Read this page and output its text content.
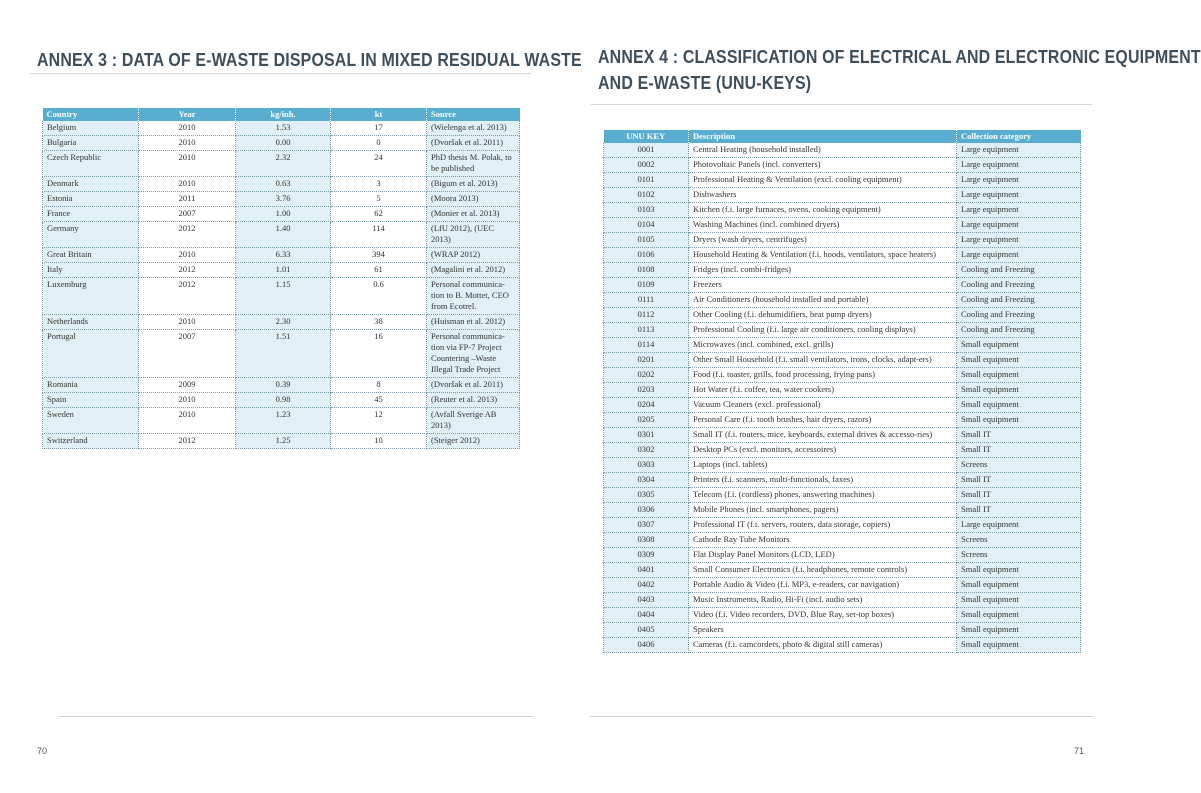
ANNEX 3 : DATA OF E-WASTE DISPOSAL IN MIXED RESIDUAL WASTE
Country	Year	kg/inh.	kt	Source
Belgium	2010	1.53	17	(Wielenga et al. 2013)
Bulgaria	2010	0.00	0	(Dvoršak et al. 2011)
Czech Republic	2010	2.32	24	PhD thesis M. Polak, to be published
Denmark	2010	0.63	3	(Bigum et al. 2013)
Estonia	2011	3.76	5	(Moora 2013)
France	2007	1.00	62	(Monier et al. 2013)
Germany	2012	1.40	114	(LfU 2012), (UEC 2013)
Great Britain	2010	6.33	394	(WRAP 2012)
Italy	2012	1.01	61	(Magalini et al. 2012)
Luxemburg	2012	1.15	0.6	Personal communica-tion to B. Mottet, CEO from Ecotrel.
Netherlands	2010	2.30	38	(Huisman et al. 2012)
Portugal	2007	1.51	16	Personal communica-tion via FP-7 Project Countering –Waste Illegal Trade Project
Romania	2009	0.39	8	(Dvoršak et al. 2011)
Spain	2010	0.98	45	(Reuter et al. 2013)
Sweden	2010	1.23	12	(Avfall Sverige AB 2013)
Switzerland	2012	1.25	10	(Steiger 2012)
70
ANNEX 4 : CLASSIFICATION OF ELECTRICAL AND ELECTRONIC EQUIPMENT
AND E-WASTE (UNU-KEYS)
UNU KEY	Description	Collection category
0001	Central Heating (household installed)	Large equipment
0002	Photovoltaic Panels (incl. converters)	Large equipment
0101	Professional Heating & Ventilation (excl. cooling equipment)	Large equipment
0102	Dishwashers	Large equipment
0103	Kitchen (f.i. large furnaces, ovens, cooking equipment)	Large equipment
0104	Washing Machines (incl. combined dryers)	Large equipment
0105	Dryers (wash dryers, centrifuges)	Large equipment
0106	Household Heating & Ventilation (f.i. hoods, ventilators, space heaters)	Large equipment
0108	Fridges (incl. combi-fridges)	Cooling and Freezing
0109	Freezers	Cooling and Freezing
0111	Air Conditioners (household installed and portable)	Cooling and Freezing
0112	Other Cooling (f.i. dehumidifiers, heat pump dryers)	Cooling and Freezing
0113	Professional Cooling (f.i. large air conditioners, cooling displays)	Cooling and Freezing
0114	Microwaves (incl. combined, excl. grills)	Small equipment
0201	Other Small Household (f.i. small ventilators, irons, clocks, adapt-ers)	Small equipment
0202	Food (f.i. toaster, grills, food processing, frying pans)	Small equipment
0203	Hot Water (f.i. coffee, tea, water cookers)	Small equipment
0204	Vacuum Cleaners (excl. professional)	Small equipment
0205	Personal Care (f.i. tooth brushes, hair dryers, razors)	Small equipment
0301	Small IT (f.i. routers, mice, keyboards, external drives & accesso-ries)	Small IT
0302	Desktop PCs (excl. monitors, accessoires)	Small IT
0303	Laptops (incl. tablets)	Screens
0304	Printers (f.i. scanners, multi-functionals, faxes)	Small IT
0305	Telecom (f.i. (cordless) phones, answering machines)	Small IT
0306	Mobile Phones (incl. smartphones, pagers)	Small IT
0307	Professional IT (f.i. servers, routers, data storage, copiers)	Large equipment
0308	Cathode Ray Tube Monitors	Screens
0309	Flat Display Panel Monitors (LCD, LED)	Screens
0401	Small Consumer Electronics (f.i. headphones, remote controls)	Small equipment
0402	Portable Audio & Video (f.i. MP3, e-readers, car navigation)	Small equipment
0403	Music Instruments, Radio, Hi-Fi (incl. audio sets)	Small equipment
0404	Video (f.i. Video recorders, DVD, Blue Ray, set-top boxes)	Small equipment
0405	Speakers	Small equipment
0406	Cameras (f.i. camcorders, photo & digital still cameras)	Small equipment
71
